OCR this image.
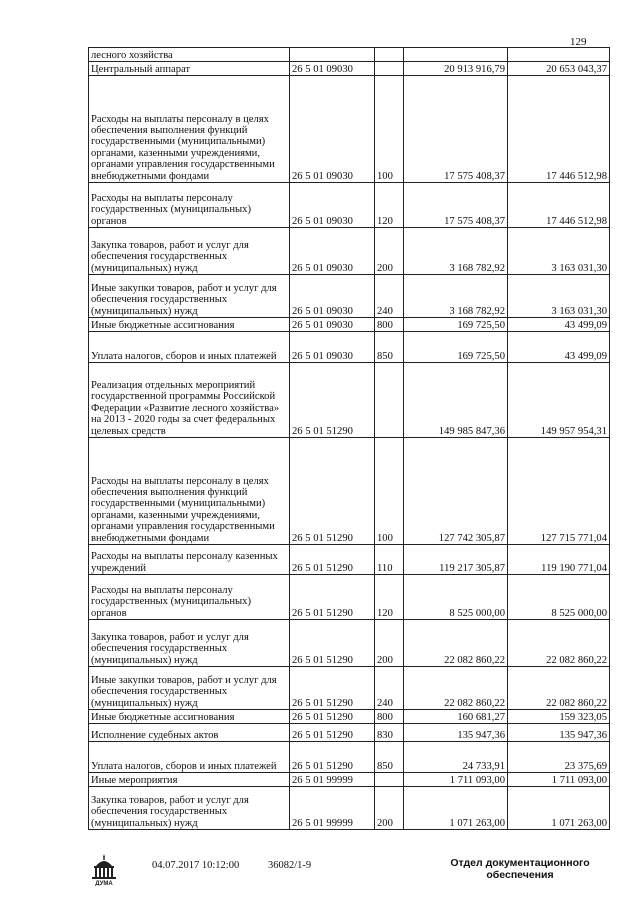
129
лесного хозяйства				
Центральный аппарат	26 5 01 09030		20 913 916,79	20 653 043,37
Расходы на выплаты персоналу в целях обеспечения выполнения функций государственными (муниципальными) органами, казенными учреждениями, органами управления государственными внебюджетными фондами	26 5 01 09030	100	17 575 408,37	17 446 512,98
Расходы на выплаты персоналу государственных (муниципальных) органов	26 5 01 09030	120	17 575 408,37	17 446 512,98
Закупка товаров, работ и услуг для обеспечения государственных (муниципальных) нужд	26 5 01 09030	200	3 168 782,92	3 163 031,30
Иные закупки товаров, работ и услуг для обеспечения государственных (муниципальных) нужд	26 5 01 09030	240	3 168 782,92	3 163 031,30
Иные бюджетные ассигнования	26 5 01 09030	800	169 725,50	43 499,09
Уплата налогов, сборов и иных платежей	26 5 01 09030	850	169 725,50	43 499,09
Реализация отдельных мероприятий государственной программы Российской Федерации «Развитие лесного хозяйства» на 2013 - 2020 годы за счет федеральных целевых средств	26 5 01 51290		149 985 847,36	149 957 954,31
Расходы на выплаты персоналу в целях обеспечения выполнения функций государственными (муниципальными) органами, казенными учреждениями, органами управления государственными внебюджетными фондами	26 5 01 51290	100	127 742 305,87	127 715 771,04
Расходы на выплаты персоналу казенных учреждений	26 5 01 51290	110	119 217 305,87	119 190 771,04
Расходы на выплаты персоналу государственных (муниципальных) органов	26 5 01 51290	120	8 525 000,00	8 525 000,00
Закупка товаров, работ и услуг для обеспечения государственных (муниципальных) нужд	26 5 01 51290	200	22 082 860,22	22 082 860,22
Иные закупки товаров, работ и услуг для обеспечения государственных (муниципальных) нужд	26 5 01 51290	240	22 082 860,22	22 082 860,22
Иные бюджетные ассигнования	26 5 01 51290	800	160 681,27	159 323,05
Исполнение судебных актов	26 5 01 51290	830	135 947,36	135 947,36
Уплата налогов, сборов и иных платежей	26 5 01 51290	850	24 733,91	23 375,69
Иные мероприятия	26 5 01 99999		1 711 093,00	1 711 093,00
Закупка товаров, работ и услуг для обеспечения государственных (муниципальных) нужд	26 5 01 99999	200	1 071 263,00	1 071 263,00
ДУМА
04.07.2017 10:12:00	36082/1-9	Отдел документационного
обеспечения
